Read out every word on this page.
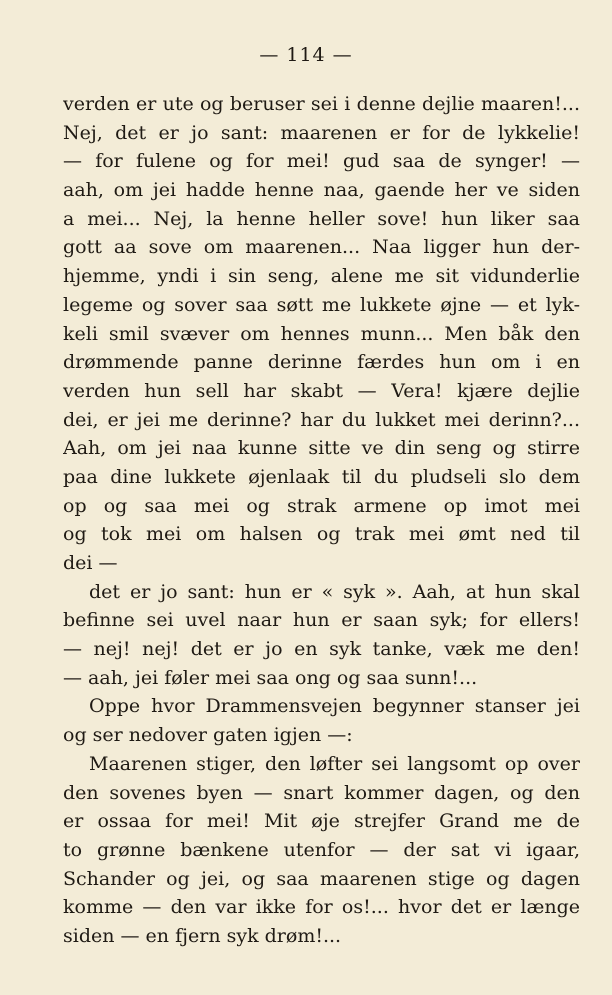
— 114 —
verden er ute og beruser sei i denne dejlie maaren!...
Nej, det er jo sant: maarenen er for de lykkelie!
— for fulene og for mei! gud saa de synger! —
aah, om jei hadde henne naa, gaende her ve siden
a mei... Nej, la henne heller sove! hun liker saa
gott aa sove om maarenen... Naa ligger hun der-
hjemme, yndi i sin seng, alene me sit vidunderlie
legeme og sover saa søtt me lukkete øjne — et lyk-
keli smil svæver om hennes munn... Men båk den
drømmende panne derinne færdes hun om i en
verden hun sell har skabt — Vera! kjære dejlie
dei, er jei me derinne? har du lukket mei derinn?...
Aah, om jei naa kunne sitte ve din seng og stirre
paa dine lukkete øjenlaak til du pludseli slo dem
op og saa mei og strak armene op imot mei
og tok mei om halsen og trak mei ømt ned til
dei —
det er jo sant: hun er « syk ». Aah, at hun skal
befinne sei uvel naar hun er saan syk; for ellers!
— nej! nej! det er jo en syk tanke, væk me den!
— aah, jei føler mei saa ong og saa sunn!...
Oppe hvor Drammensvejen begynner stanser jei
og ser nedover gaten igjen —:
Maarenen stiger, den løfter sei langsomt op over
den sovenes byen — snart kommer dagen, og den
er ossaa for mei! Mit øje strejfer Grand me de
to grønne bænkene utenfor — der sat vi igaar,
Schander og jei, og saa maarenen stige og dagen
komme — den var ikke for os!... hvor det er længe
siden — en fjern syk drøm!...
